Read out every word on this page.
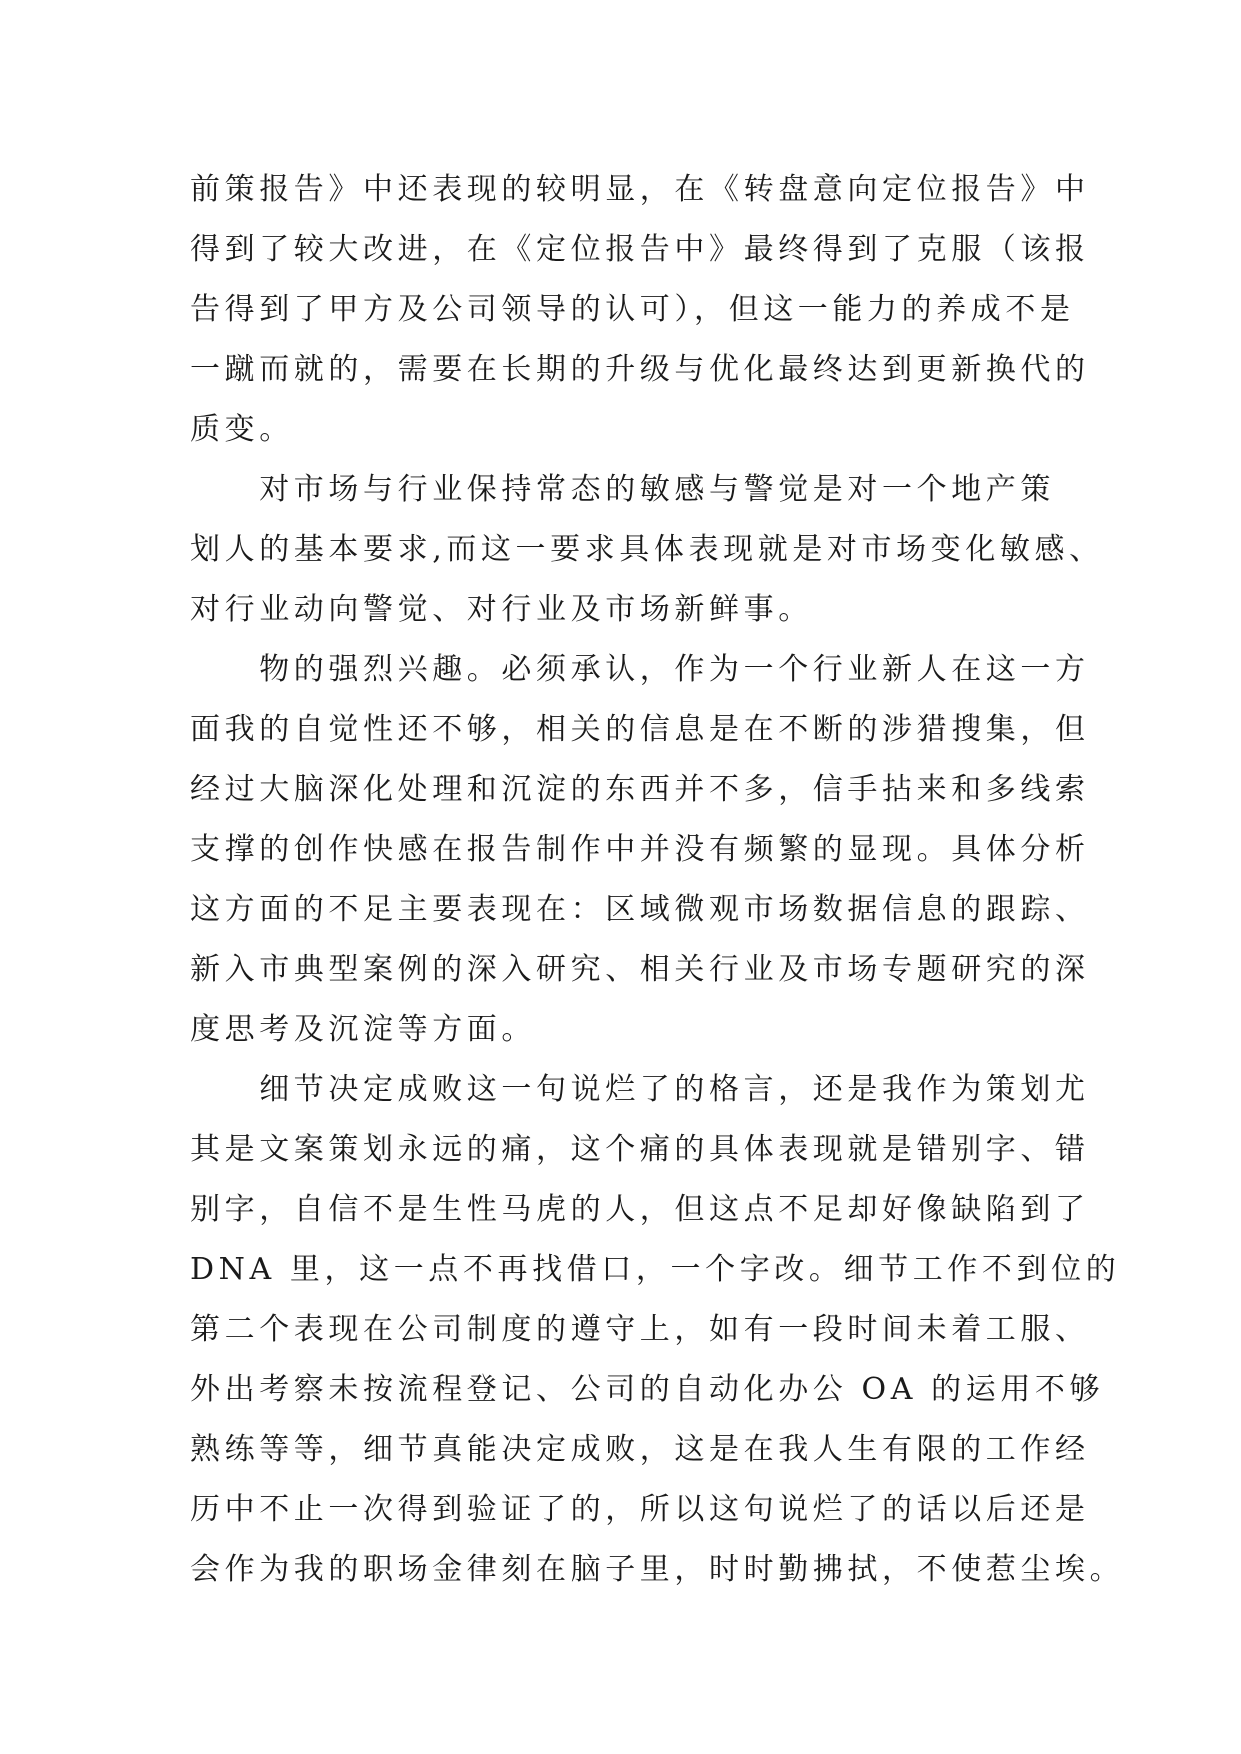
前策报告》中还表现的较明显，在《转盘意向定位报告》中
得到了较大改进，在《定位报告中》最终得到了克服（该报
告得到了甲方及公司领导的认可），但这一能力的养成不是
一蹴而就的，需要在长期的升级与优化最终达到更新换代的
质变。
　　对市场与行业保持常态的敏感与警觉是对一个地产策
划人的基本要求,而这一要求具体表现就是对市场变化敏感、
对行业动向警觉、对行业及市场新鲜事。
　　物的强烈兴趣。必须承认，作为一个行业新人在这一方
面我的自觉性还不够，相关的信息是在不断的涉猎搜集，但
经过大脑深化处理和沉淀的东西并不多，信手拈来和多线索
支撑的创作快感在报告制作中并没有频繁的显现。具体分析
这方面的不足主要表现在：区域微观市场数据信息的跟踪、
新入市典型案例的深入研究、相关行业及市场专题研究的深
度思考及沉淀等方面。
　　细节决定成败这一句说烂了的格言，还是我作为策划尤
其是文案策划永远的痛，这个痛的具体表现就是错别字、错
别字，自信不是生性马虎的人，但这点不足却好像缺陷到了
DNA 里，这一点不再找借口，一个字改。细节工作不到位的
第二个表现在公司制度的遵守上，如有一段时间未着工服、
外出考察未按流程登记、公司的自动化办公 OA 的运用不够
熟练等等，细节真能决定成败，这是在我人生有限的工作经
历中不止一次得到验证了的，所以这句说烂了的话以后还是
会作为我的职场金律刻在脑子里，时时勤拂拭，不使惹尘埃。
